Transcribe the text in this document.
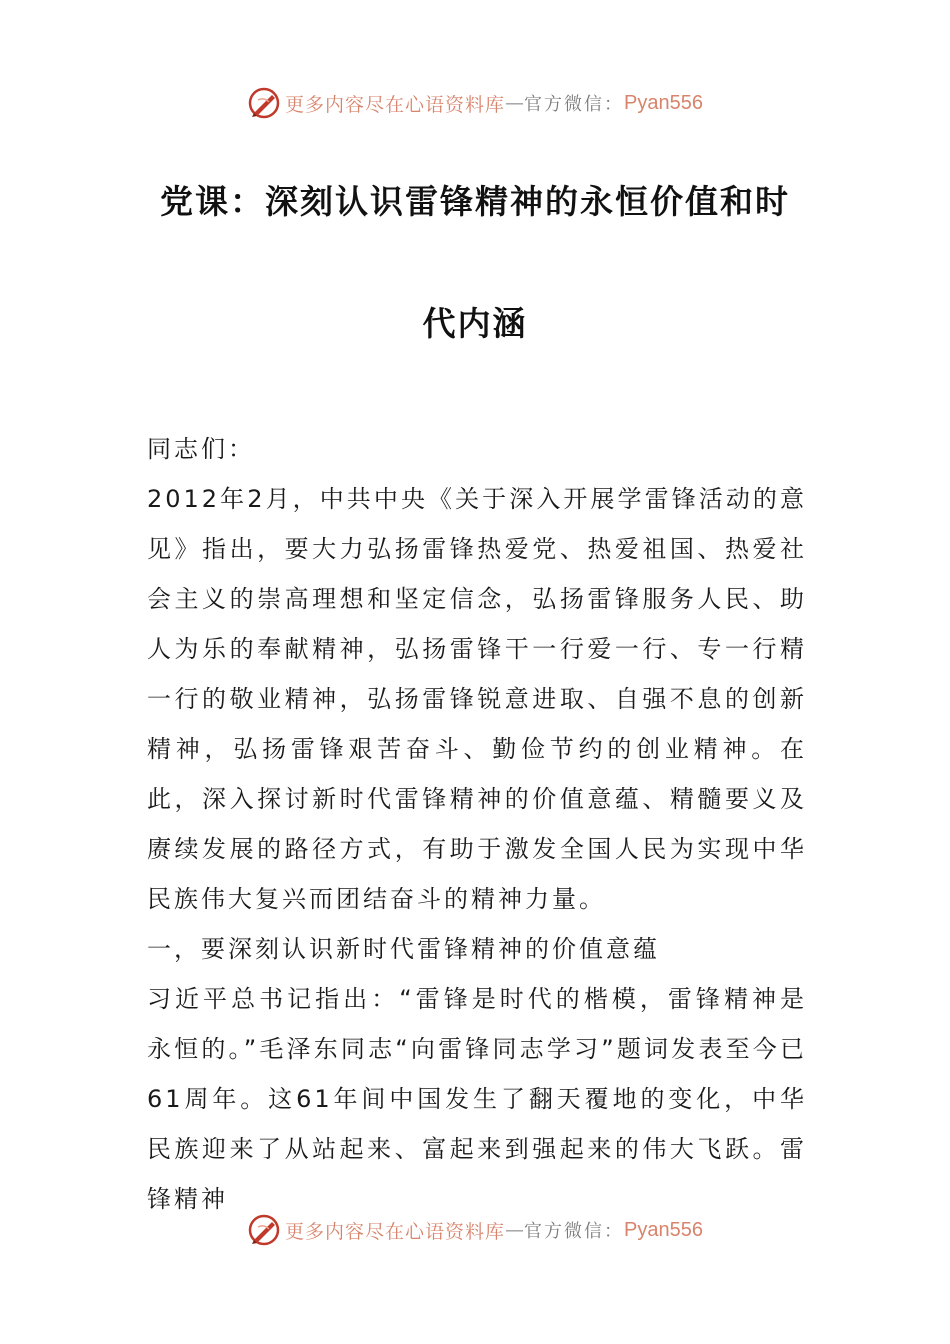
更多内容尽在心语资料库 — 官方微信： Pyan556
党课：深刻认识雷锋精神的永恒价值和时
代内涵

同志们：

2012年2月，中共中央《关于深入开展学雷锋活动的意见》指出，要大力弘扬雷锋热爱党、热爱祖国、热爱社会主义的崇高理想和坚定信念，弘扬雷锋服务人民、助人为乐的奉献精神，弘扬雷锋干一行爱一行、专一行精一行的敬业精神，弘扬雷锋锐意进取、自强不息的创新精神，弘扬雷锋艰苦奋斗、勤俭节约的创业精神。在此，深入探讨新时代雷锋精神的价值意蕴、精髓要义及赓续发展的路径方式，有助于激发全国人民为实现中华民族伟大复兴而团结奋斗的精神力量。

一，要深刻认识新时代雷锋精神的价值意蕴

习近平总书记指出：“雷锋是时代的楷模，雷锋精神是永恒的。”毛泽东同志“向雷锋同志学习”题词发表至今已61周年。这61年间中国发生了翻天覆地的变化，中华民族迎来了从站起来、富起来到强起来的伟大飞跃。雷锋精神

更多内容尽在心语资料库 — 官方微信： Pyan556
